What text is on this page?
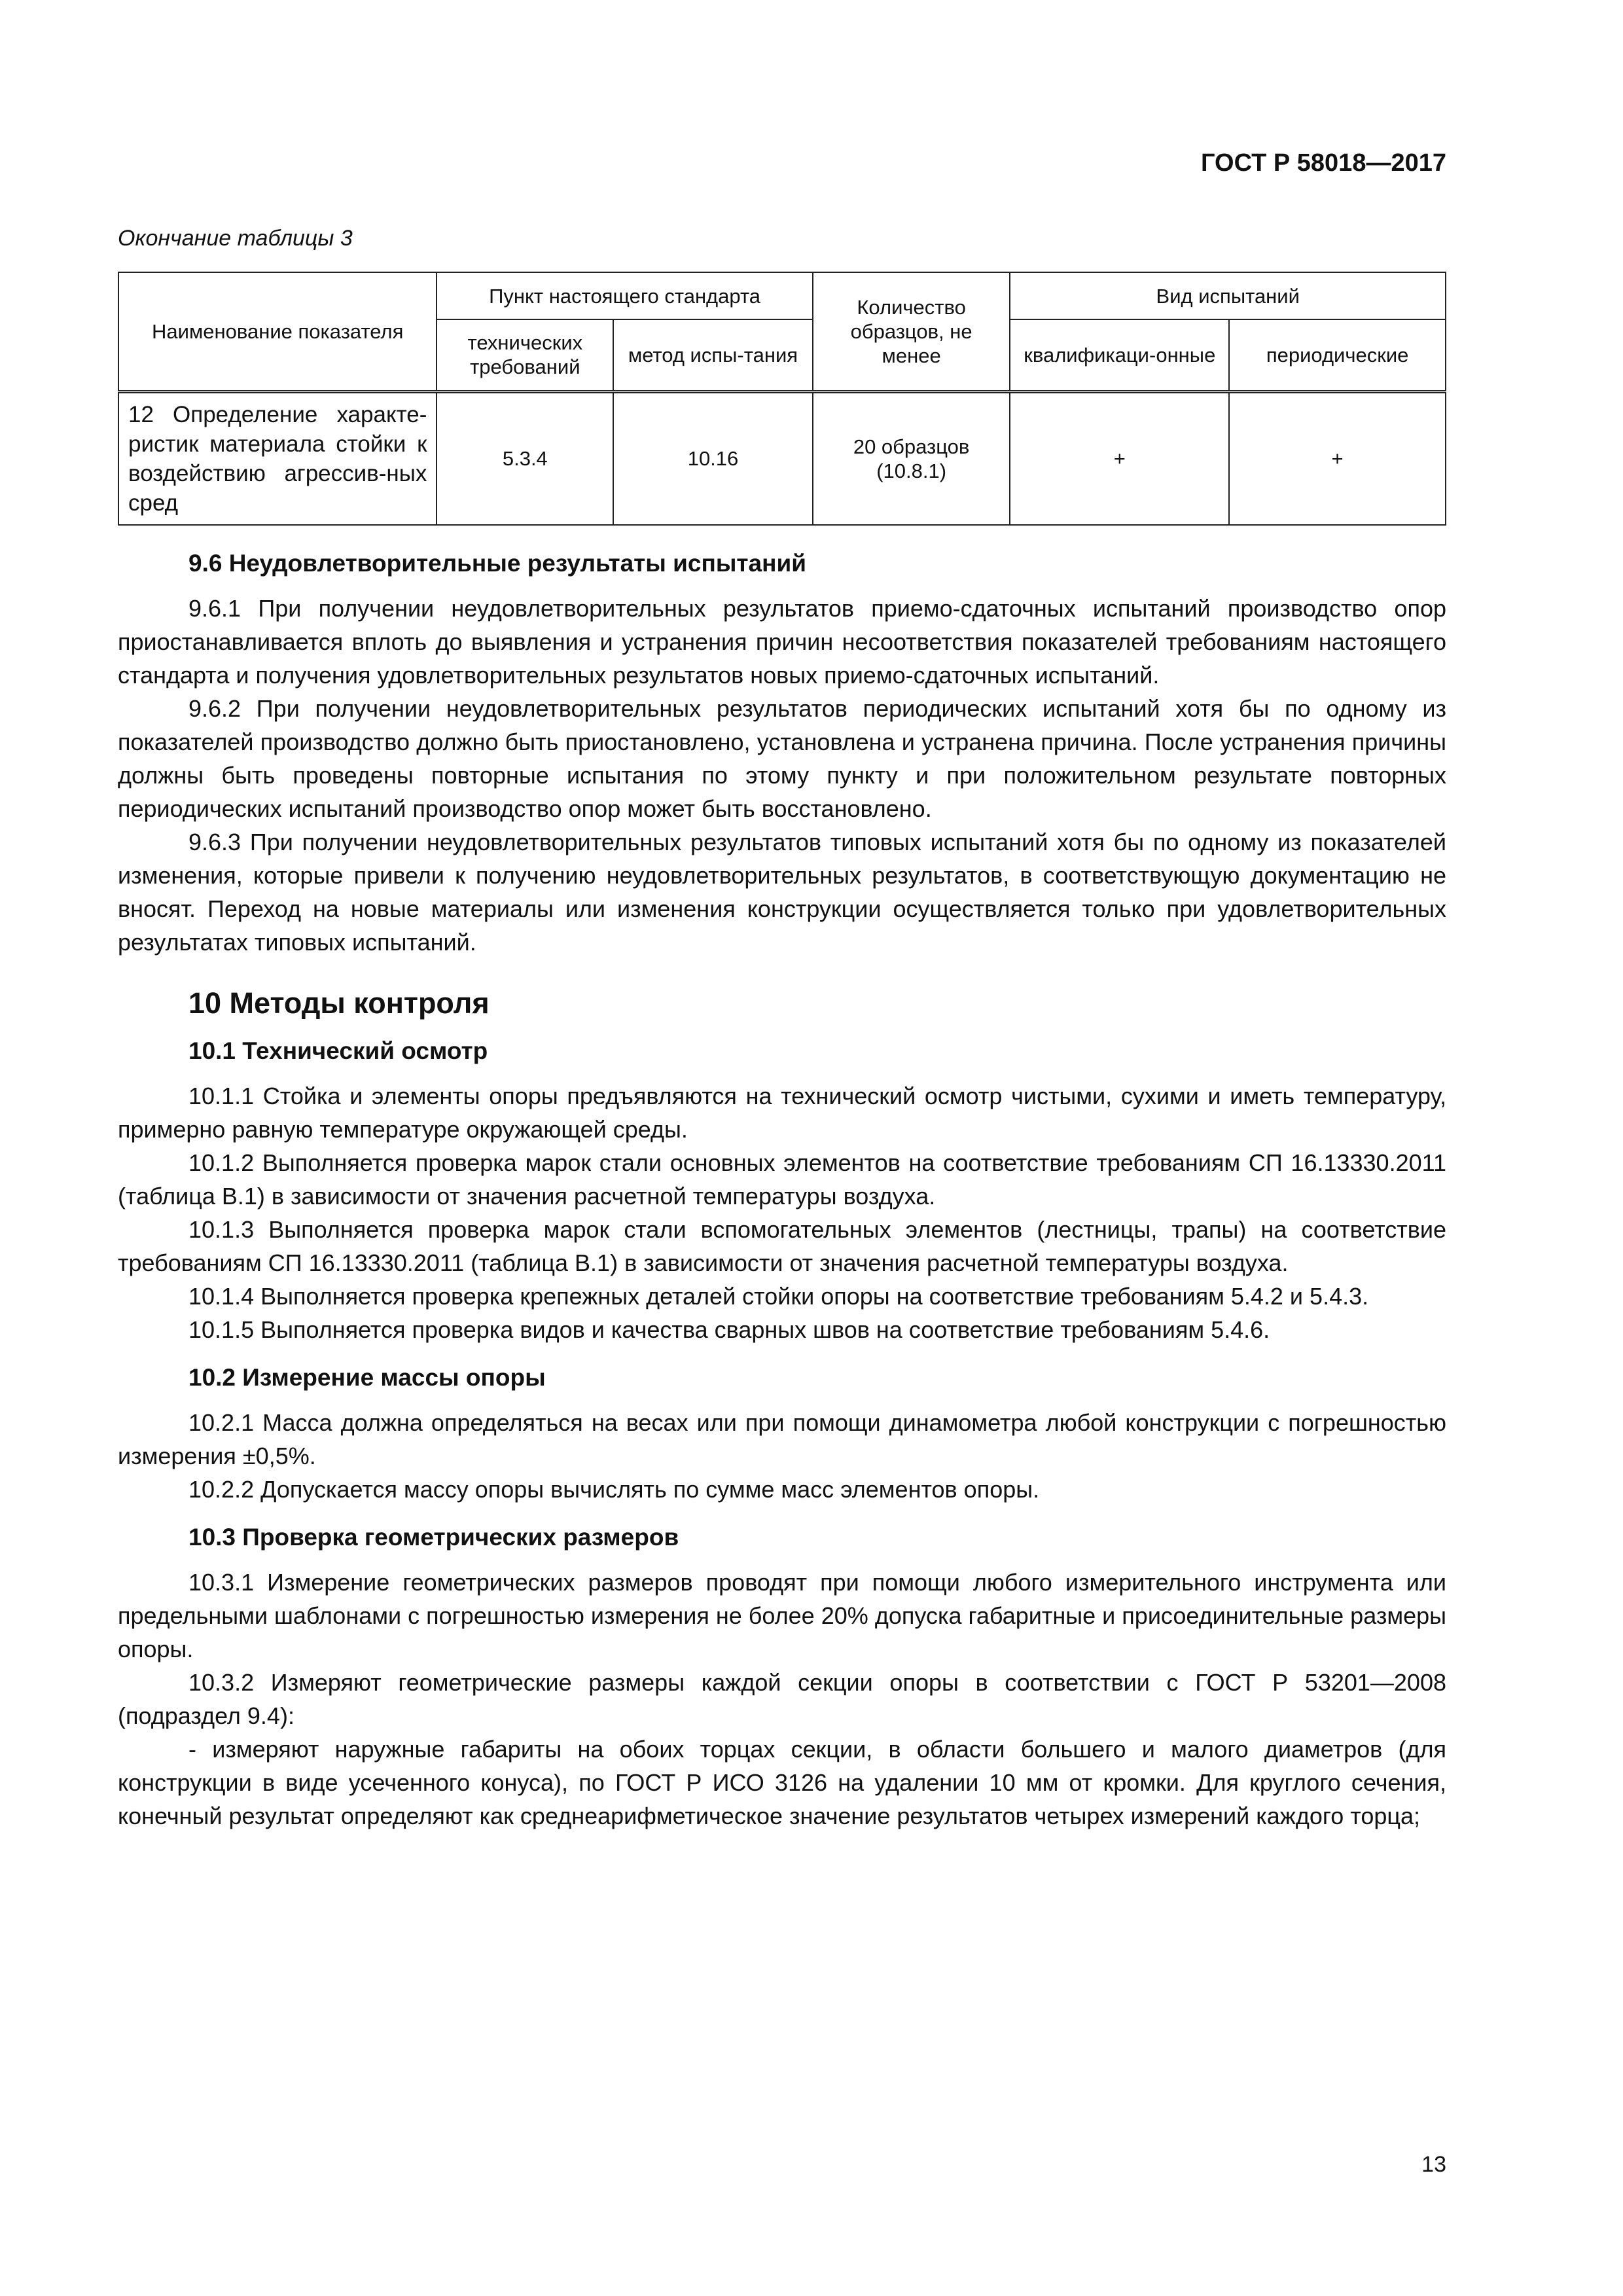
ГОСТ Р 58018—2017
Окончание таблицы 3
Наименование показателя	Пункт настоящего стандарта		Количество образцов, не менее	Вид испытаний	
	технических требований	метод испы-тания		квалификаци-онные	периодические
12 Определение характе-ристик материала стойки к воздействию агрессив-ных сред	5.3.4	10.16	20 образцов (10.8.1)	+	+
9.6 Неудовлетворительные результаты испытаний

9.6.1 При получении неудовлетворительных результатов приемо-сдаточных испытаний производство опор приостанавливается вплоть до выявления и устранения причин несоответствия показателей требованиям настоящего стандарта и получения удовлетворительных результатов новых приемо-сдаточных испытаний.

9.6.2 При получении неудовлетворительных результатов периодических испытаний хотя бы по одному из показателей производство должно быть приостановлено, установлена и устранена причина. После устранения причины должны быть проведены повторные испытания по этому пункту и при положительном результате повторных периодических испытаний производство опор может быть восстановлено.

9.6.3 При получении неудовлетворительных результатов типовых испытаний хотя бы по одному из показателей изменения, которые привели к получению неудовлетворительных результатов, в соответствующую документацию не вносят. Переход на новые материалы или изменения конструкции осуществляется только при удовлетворительных результатах типовых испытаний.

10 Методы контроля
10.1 Технический осмотр

10.1.1 Стойка и элементы опоры предъявляются на технический осмотр чистыми, сухими и иметь температуру, примерно равную температуре окружающей среды.

10.1.2 Выполняется проверка марок стали основных элементов на соответствие требованиям СП 16.13330.2011 (таблица В.1) в зависимости от значения расчетной температуры воздуха.

10.1.3 Выполняется проверка марок стали вспомогательных элементов (лестницы, трапы) на соответствие требованиям СП 16.13330.2011 (таблица В.1) в зависимости от значения расчетной температуры воздуха.

10.1.4 Выполняется проверка крепежных деталей стойки опоры на соответствие требованиям 5.4.2 и 5.4.3.

10.1.5 Выполняется проверка видов и качества сварных швов на соответствие требованиям 5.4.6.

10.2 Измерение массы опоры

10.2.1 Масса должна определяться на весах или при помощи динамометра любой конструкции с погрешностью измерения ±0,5%.

10.2.2 Допускается массу опоры вычислять по сумме масс элементов опоры.

10.3 Проверка геометрических размеров

10.3.1 Измерение геометрических размеров проводят при помощи любого измерительного инструмента или предельными шаблонами с погрешностью измерения не более 20% допуска габаритные и присоединительные размеры опоры.

10.3.2 Измеряют геометрические размеры каждой секции опоры в соответствии с ГОСТ Р 53201—2008 (подраздел 9.4):

- измеряют наружные габариты на обоих торцах секции, в области большего и малого диаметров (для конструкции в виде усеченного конуса), по ГОСТ Р ИСО 3126 на удалении 10 мм от кромки. Для круглого сечения, конечный результат определяют как среднеарифметическое значение результатов четырех измерений каждого торца;

13
